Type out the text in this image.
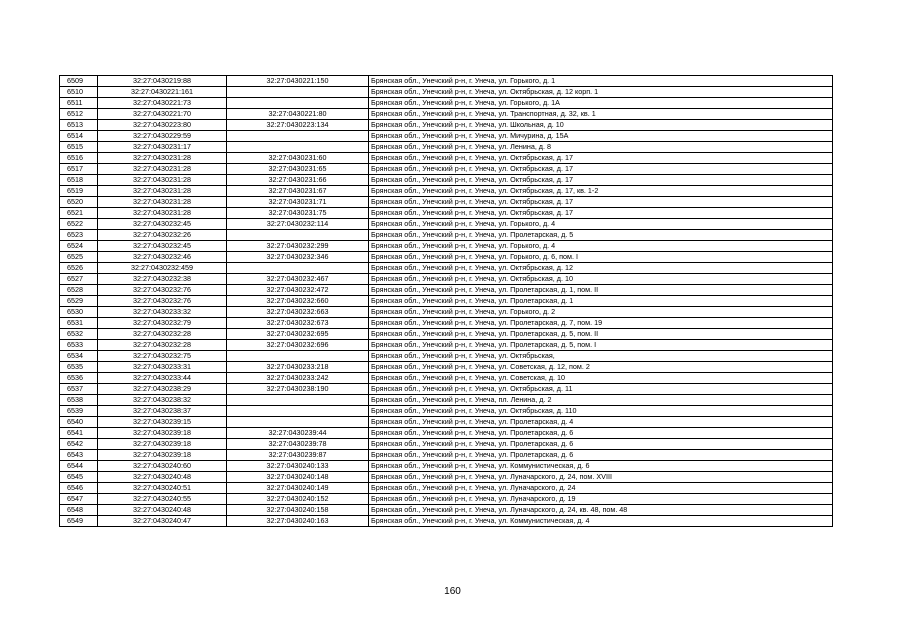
6509	32:27:0430219:88	32:27:0430221:150	Брянская обл., Унечский р-н, г. Унеча, ул. Горького, д. 1
6510	32:27:0430221:161		Брянская обл., Унечский р-н, г. Унеча, ул. Октябрьская, д. 12 корп. 1
6511	32:27:0430221:73		Брянская обл., Унечский р-н, г. Унеча, ул. Горького, д. 1А
6512	32:27:0430221:70	32:27:0430221:80	Брянская обл., Унечский р-н, г. Унеча, ул. Транспортная, д. 32, кв. 1
6513	32:27:0430223:80	32:27:0430223:134	Брянская обл., Унечский р-н, г. Унеча, ул. Школьная, д. 10
6514	32:27:0430229:59		Брянская обл., Унечский р-н, г. Унеча, ул. Мичурина, д. 15А
6515	32:27:0430231:17		Брянская обл., Унечский р-н, г. Унеча, ул. Ленина, д. 8
6516	32:27:0430231:28	32:27:0430231:60	Брянская обл., Унечский р-н, г. Унеча, ул. Октябрьская, д. 17
6517	32:27:0430231:28	32:27:0430231:65	Брянская обл., Унечский р-н, г. Унеча, ул. Октябрьская, д. 17
6518	32:27:0430231:28	32:27:0430231:66	Брянская обл., Унечский р-н, г. Унеча, ул. Октябрьская, д. 17
6519	32:27:0430231:28	32:27:0430231:67	Брянская обл., Унечский р-н, г. Унеча, ул. Октябрьская, д. 17, кв. 1-2
6520	32:27:0430231:28	32:27:0430231:71	Брянская обл., Унечский р-н, г. Унеча, ул. Октябрьская, д. 17
6521	32:27:0430231:28	32:27:0430231:75	Брянская обл., Унечский р-н, г. Унеча, ул. Октябрьская, д. 17
6522	32:27:0430232:45	32:27:0430232:114	Брянская обл., Унечский р-н, г. Унеча, ул. Горького, д. 4
6523	32:27:0430232:26		Брянская обл., Унечский р-н, г. Унеча, ул. Пролетарская, д. 5
6524	32:27:0430232:45	32:27:0430232:299	Брянская обл., Унечский р-н, г. Унеча, ул. Горького, д. 4
6525	32:27:0430232:46	32:27:0430232:346	Брянская обл., Унечский р-н, г. Унеча, ул. Горького, д. 6, пом. I
6526	32:27:0430232:459		Брянская обл., Унечский р-н, г. Унеча, ул. Октябрьская, д. 12
6527	32:27:0430232:38	32:27:0430232:467	Брянская обл., Унечский р-н, г. Унеча, ул. Октябрьская, д. 10
6528	32:27:0430232:76	32:27:0430232:472	Брянская обл., Унечский р-н, г. Унеча, ул. Пролетарская, д. 1, пом. II
6529	32:27:0430232:76	32:27:0430232:660	Брянская обл., Унечский р-н, г. Унеча, ул. Пролетарская, д. 1
6530	32:27:0430233:32	32:27:0430232:663	Брянская обл., Унечский р-н, г. Унеча, ул. Горького, д. 2
6531	32:27:0430232:79	32:27:0430232:673	Брянская обл., Унечский р-н, г. Унеча, ул. Пролетарская, д. 7, пом. 19
6532	32:27:0430232:28	32:27:0430232:695	Брянская обл., Унечский р-н, г. Унеча, ул. Пролетарская, д. 5, пом. II
6533	32:27:0430232:28	32:27:0430232:696	Брянская обл., Унечский р-н, г. Унеча, ул. Пролетарская, д. 5, пом. I
6534	32:27:0430232:75		Брянская обл., Унечский р-н, г. Унеча, ул. Октябрьская,
6535	32:27:0430233:31	32:27:0430233:218	Брянская обл., Унечский р-н, г. Унеча, ул. Советская, д. 12, пом. 2
6536	32:27:0430233:44	32:27:0430233:242	Брянская обл., Унечский р-н, г. Унеча, ул. Советская, д. 10
6537	32:27:0430238:29	32:27:0430238:190	Брянская обл., Унечский р-н, г. Унеча, ул. Октябрьская, д. 11
6538	32:27:0430238:32		Брянская обл., Унечский р-н, г. Унеча, пл. Ленина, д. 2
6539	32:27:0430238:37		Брянская обл., Унечский р-н, г. Унеча, ул. Октябрьская, д. 110
6540	32:27:0430239:15		Брянская обл., Унечский р-н, г. Унеча, ул. Пролетарская, д. 4
6541	32:27:0430239:18	32:27:0430239:44	Брянская обл., Унечский р-н, г. Унеча, ул. Пролетарская, д. 6
6542	32:27:0430239:18	32:27:0430239:78	Брянская обл., Унечский р-н, г. Унеча, ул. Пролетарская, д. 6
6543	32:27:0430239:18	32:27:0430239:87	Брянская обл., Унечский р-н, г. Унеча, ул. Пролетарская, д. 6
6544	32:27:0430240:60	32:27:0430240:133	Брянская обл., Унечский р-н, г. Унеча, ул. Коммунистическая, д. 6
6545	32:27:0430240:48	32:27:0430240:148	Брянская обл., Унечский р-н, г. Унеча, ул. Луначарского, д. 24, пом. XVIII
6546	32:27:0430240:51	32:27:0430240:149	Брянская обл., Унечский р-н, г. Унеча, ул. Луначарского, д. 24
6547	32:27:0430240:55	32:27:0430240:152	Брянская обл., Унечский р-н, г. Унеча, ул. Луначарского, д. 19
6548	32:27:0430240:48	32:27:0430240:158	Брянская обл., Унечский р-н, г. Унеча, ул. Луначарского, д. 24, кв. 48, пом. 48
6549	32:27:0430240:47	32:27:0430240:163	Брянская обл., Унечский р-н, г. Унеча, ул. Коммунистическая, д. 4
160
